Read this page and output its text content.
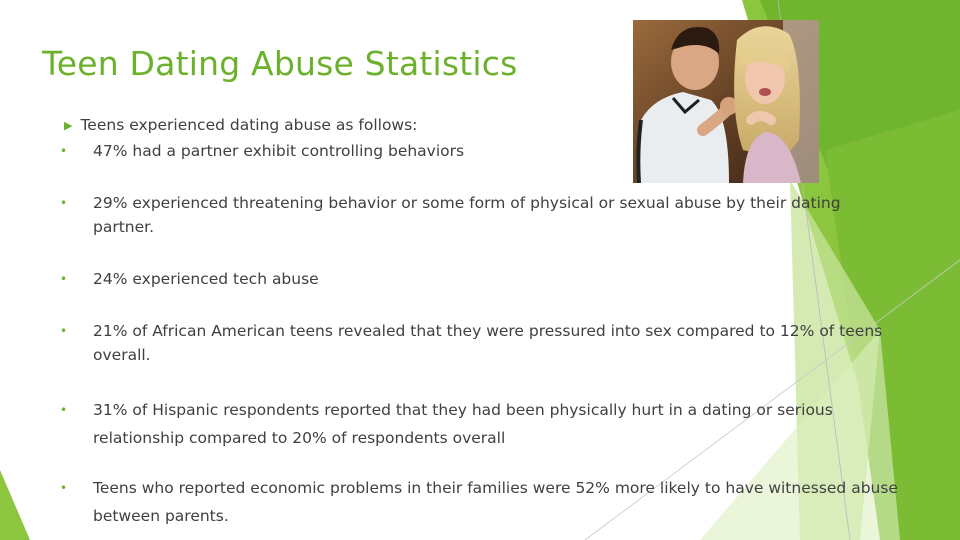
Teen Dating Abuse Statistics
▶ Teens experienced dating abuse as follows:
• 47% had a partner exhibit controlling behaviors
• 29% experienced threatening behavior or some form of physical or sexual abuse by their dating partner.
• 24% experienced tech abuse
• 21% of African American teens revealed that they were pressured into sex compared to 12% of teens overall.
• 31% of Hispanic respondents reported that they had been physically hurt in a dating or serious relationship compared to 20% of respondents overall
• Teens who reported economic problems in their families were 52% more likely to have witnessed abuse between parents.
